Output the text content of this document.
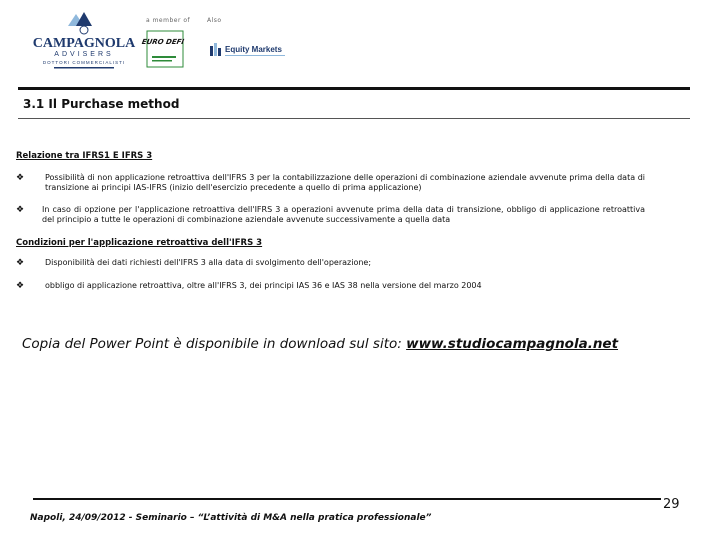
CAMPAGNOLA
ADVISERS
DOTTORI COMMERCIALISTI
a member of	Also
EURO DEFI
Equity Markets
3.1 Il Purchase method
Relazione tra IFRS1 E IFRS 3
❖	Possibilità di non applicazione retroattiva dell'IFRS 3 per la contabilizzazione delle operazioni di combinazione aziendale avvenute prima della data di transizione ai principi IAS-IFRS (inizio dell'esercizio precedente a quello di prima applicazione)
❖ In caso di opzione per l'applicazione retroattiva dell'IFRS 3 a operazioni avvenute prima della data di transizione, obbligo di applicazione retroattiva del principio a tutte le operazioni di combinazione aziendale avvenute successivamente a quella data
Condizioni per l'applicazione retroattiva dell'IFRS 3
❖	Disponibilità dei dati richiesti dell'IFRS 3 alla data di svolgimento dell'operazione;
❖	obbligo di applicazione retroattiva, oltre all'IFRS 3, dei principi IAS 36 e IAS 38 nella versione del marzo 2004
Copia del Power Point è disponibile in download sul sito: www.studiocampagnola.net
29
Napoli, 24/09/2012 - Seminario – “L’attività di M&A nella pratica professionale”
